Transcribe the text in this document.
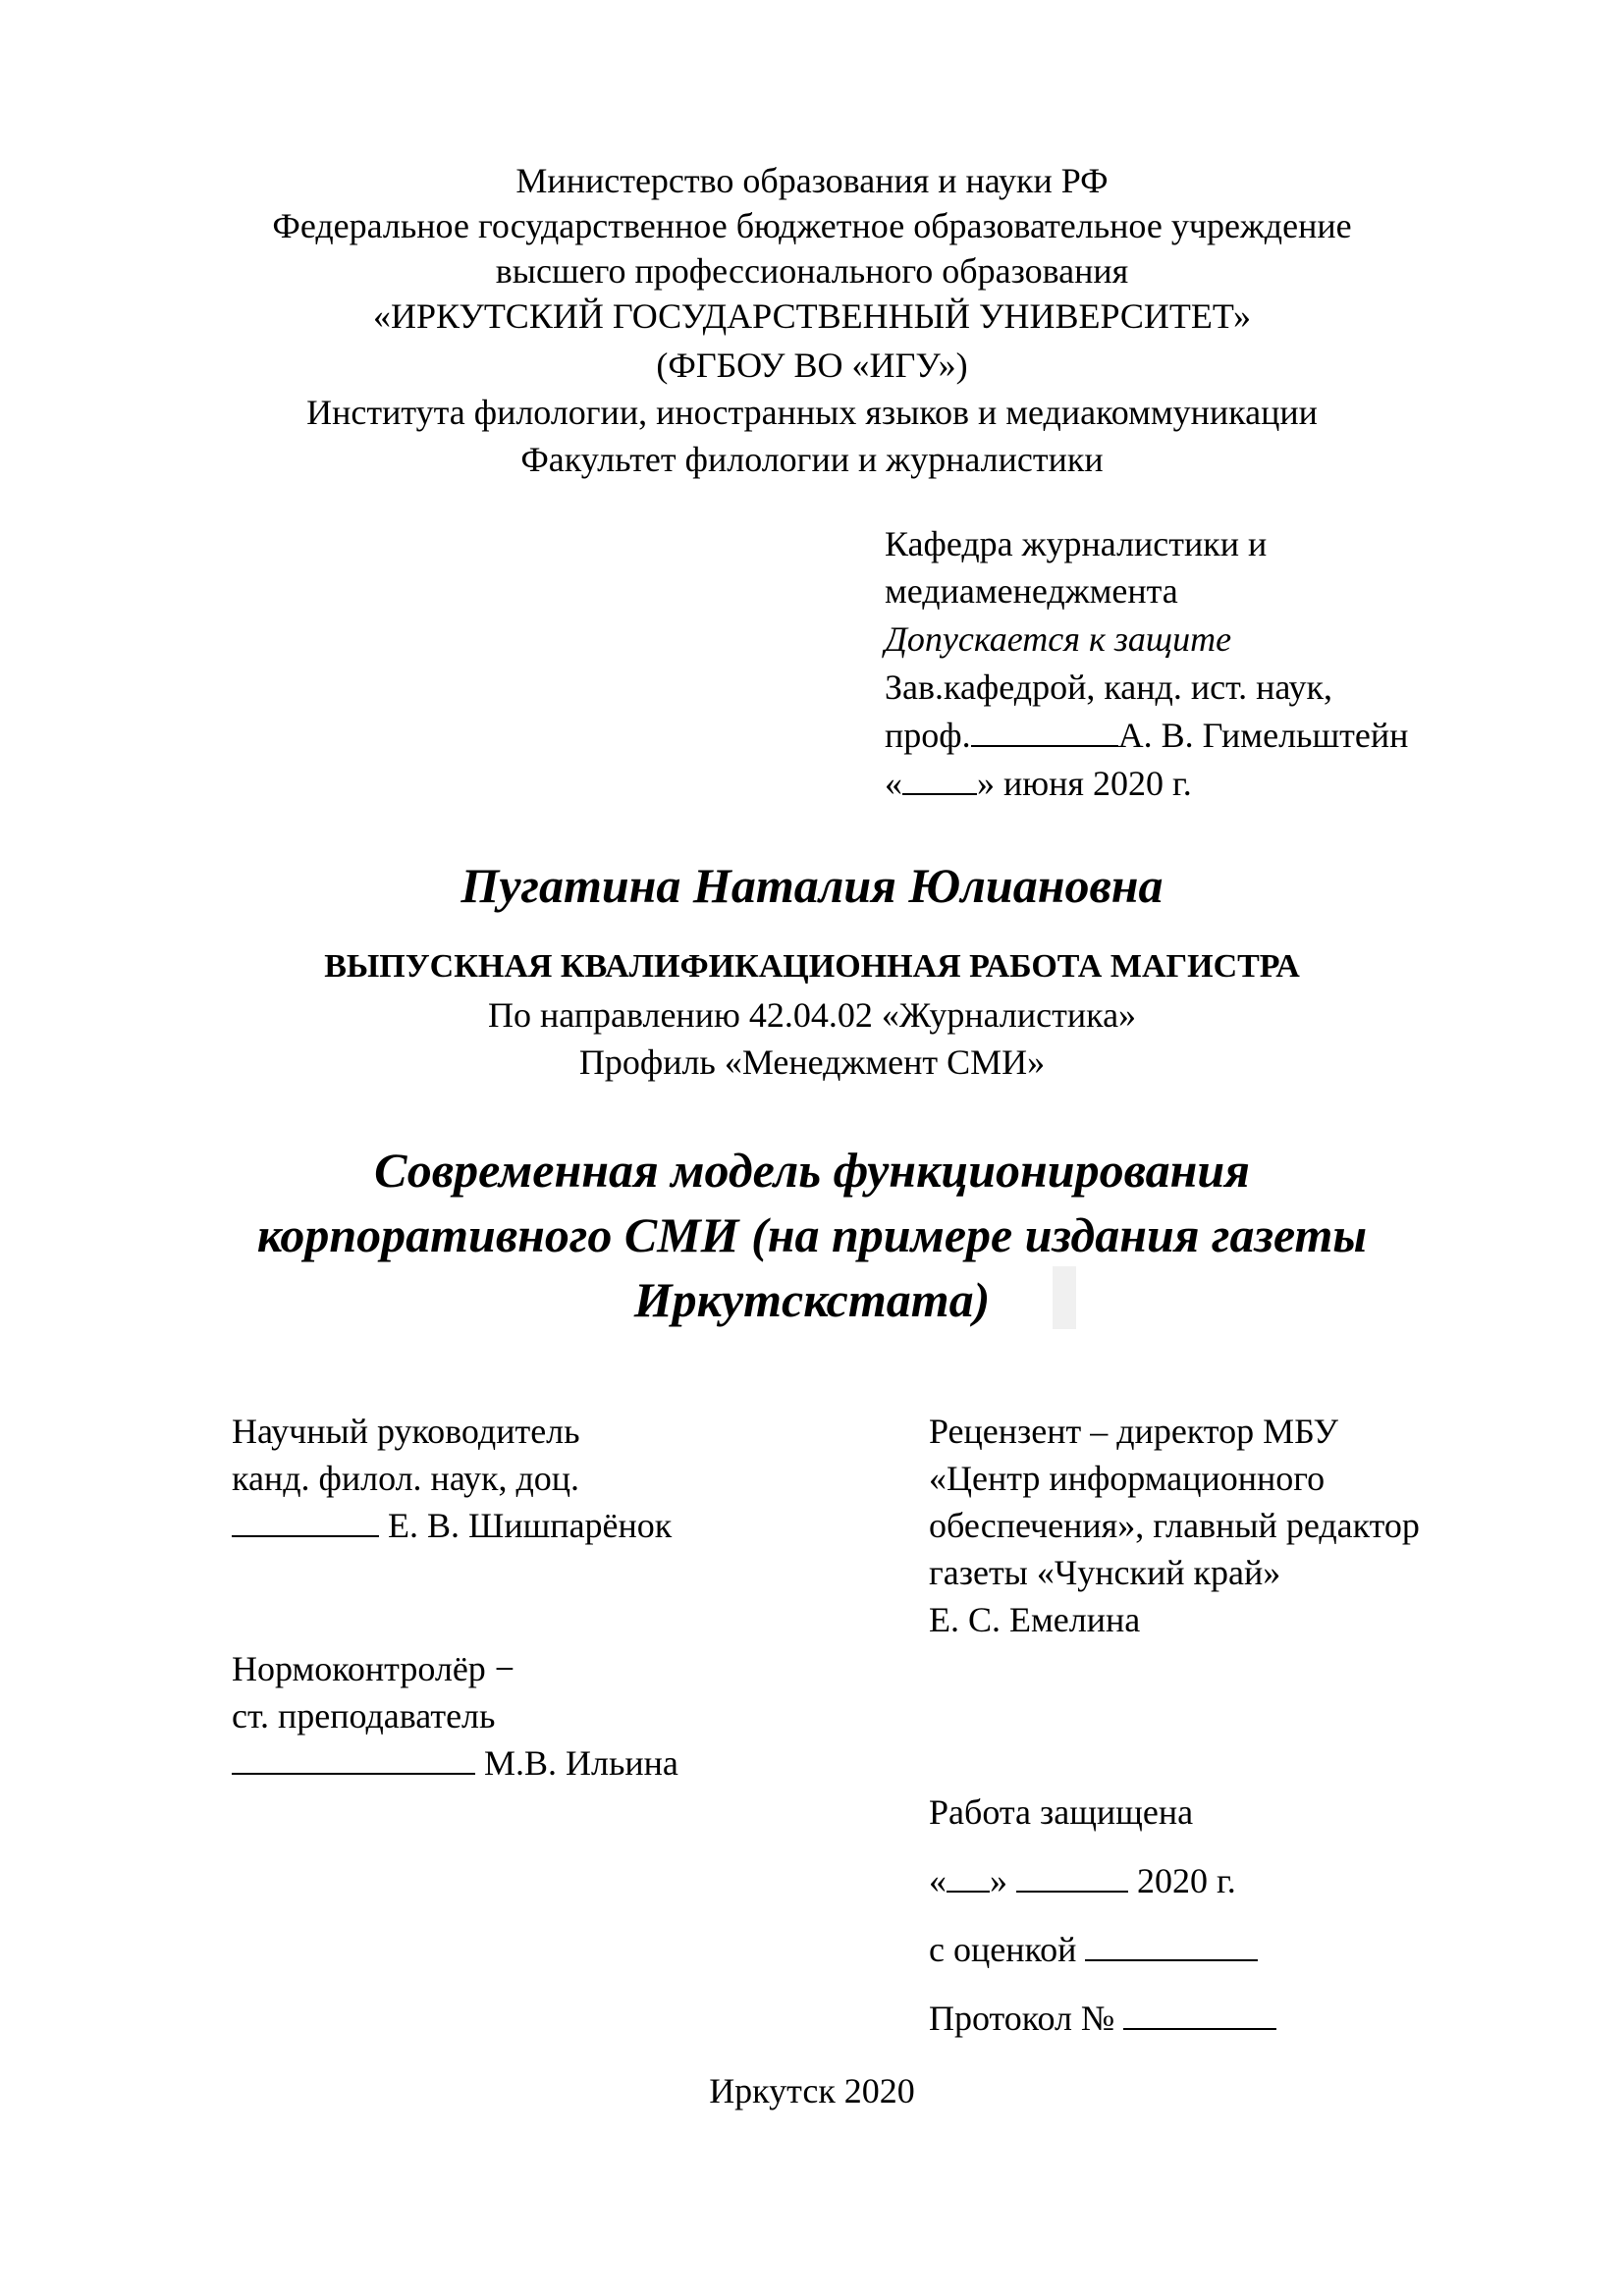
Министерство образования и науки РФ
Федеральное государственное бюджетное образовательное учреждение
высшего профессионального образования
«ИРКУТСКИЙ ГОСУДАРСТВЕННЫЙ УНИВЕРСИТЕТ»
(ФГБОУ ВО «ИГУ»)
Института филологии, иностранных языков и медиакоммуникации
Факультет филологии и журналистики
Кафедра журналистики и
медиаменеджмента
Допускается к защите
Зав.кафедрой, канд. ист. наук,
проф.	А. В. Гимельштейн
« » июня 2020 г.
Пугатина Наталия Юлиановна
ВЫПУСКНАЯ КВАЛИФИКАЦИОННАЯ РАБОТА МАГИСТРА
По направлению 42.04.02 «Журналистика»
Профиль «Менеджмент СМИ»
Современная модель функционирования
корпоративного СМИ (на примере издания газеты
Иркутскстата)
Научный руководитель
канд. филол. наук, доц.
Е. В. Шишпарёнок
Рецензент – директор МБУ
«Центр информационного
обеспечения», главный редактор
газеты «Чунский край»
Е. С. Емелина
Нормоконтролёр −
ст. преподаватель
М.В. Ильина
Работа защищена
« »	2020 г.
с оценкой
Протокол №
Иркутск 2020
